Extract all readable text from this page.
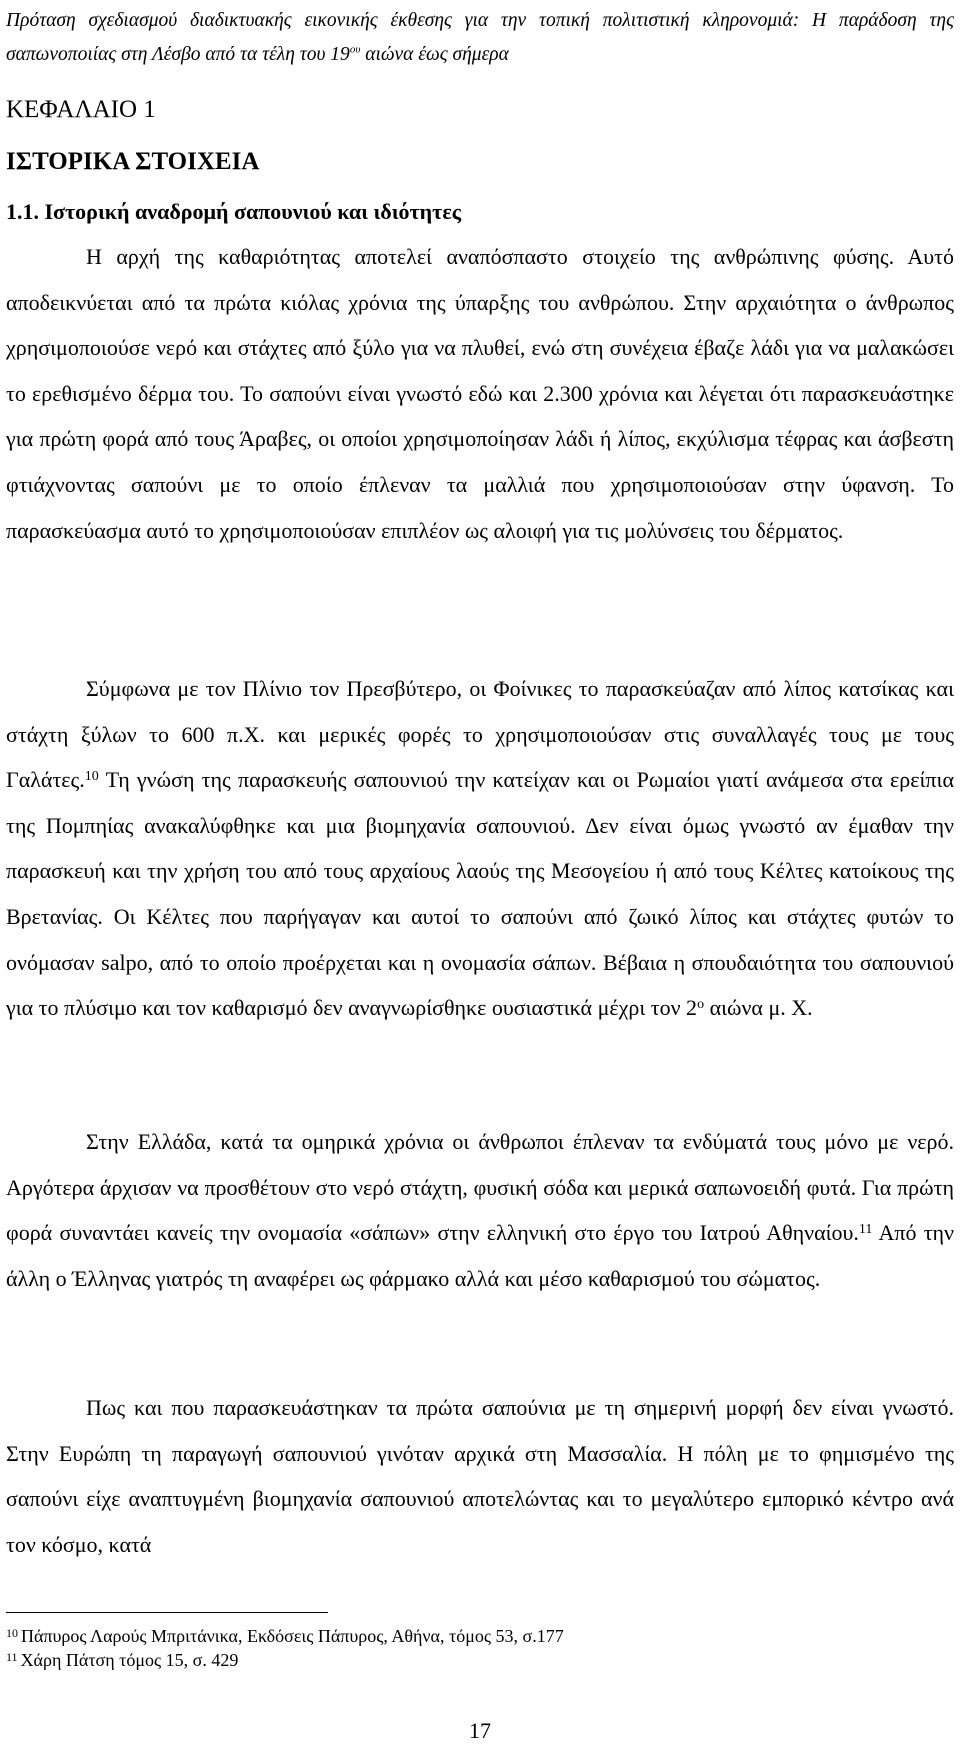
Πρόταση σχεδιασμού διαδικτυακής εικονικής έκθεσης για την τοπική πολιτιστική κληρονομιά: Η παράδοση της σαπωνοποιίας στη Λέσβο από τα τέλη του $19^{o\upsilon}$ αιώνα έως σήμερα
ΚΕΦΑΛΑΙΟ 1
ΙΣΤΟΡΙΚΑ ΣΤΟΙΧΕΙΑ
1.1. Ιστορική αναδρομή σαπουνιού και ιδιότητες

Η αρχή της καθαριότητας αποτελεί αναπόσπαστο στοιχείο της ανθρώπινης φύσης. Αυτό αποδεικνύεται από τα πρώτα κιόλας χρόνια της ύπαρξης του ανθρώπου. Στην αρχαιότητα ο άνθρωπος χρησιμοποιούσε νερό και στάχτες από ξύλο για να πλυθεί, ενώ στη συνέχεια έβαζε λάδι για να μαλακώσει το ερεθισμένο δέρμα του. Το σαπούνι είναι γνωστό εδώ και 2.300 χρόνια και λέγεται ότι παρασκευάστηκε για πρώτη φορά από τους Άραβες, οι οποίοι χρησιμοποίησαν λάδι ή λίπος, εκχύλισμα τέφρας και άσβεστη φτιάχνοντας σαπούνι με το οποίο έπλεναν τα μαλλιά που χρησιμοποιούσαν στην ύφανση. Το παρασκεύασμα αυτό το χρησιμοποιούσαν επιπλέον ως αλοιφή για τις μολύνσεις του δέρματος.

Σύμφωνα με τον Πλίνιο τον Πρεσβύτερο, οι Φοίνικες το παρασκεύαζαν από λίπος κατσίκας και στάχτη ξύλων το 600 π.Χ. και μερικές φορές το χρησιμοποιούσαν στις συναλλαγές τους με τους Γαλάτες.$^{10}$ Τη γνώση της παρασκευής σαπουνιού την κατείχαν και οι Ρωμαίοι γιατί ανάμεσα στα ερείπια της Πομπηίας ανακαλύφθηκε και μια βιομηχανία σαπουνιού. Δεν είναι όμως γνωστό αν έμαθαν την παρασκευή και την χρήση του από τους αρχαίους λαούς της Μεσογείου ή από τους Κέλτες κατοίκους της Βρετανίας. Οι Κέλτες που παρήγαγαν και αυτοί το σαπούνι από ζωικό λίπος και στάχτες φυτών το ονόμασαν salpo, από το οποίο προέρχεται και η ονομασία σάπων. Βέβαια η σπουδαιότητα του σαπουνιού για το πλύσιμο και τον καθαρισμό δεν αναγνωρίσθηκε ουσιαστικά μέχρι τον $2^o$ αιώνα μ. Χ.

Στην Ελλάδα, κατά τα ομηρικά χρόνια οι άνθρωποι έπλεναν τα ενδύματά τους μόνο με νερό. Αργότερα άρχισαν να προσθέτουν στο νερό στάχτη, φυσική σόδα και μερικά σαπωνοειδή φυτά. Για πρώτη φορά συναντάει κανείς την ονομασία «σάπων» στην ελληνική στο έργο του Ιατρού Αθηναίου.$^{11}$ Από την άλλη ο Έλληνας γιατρός τη αναφέρει ως φάρμακο αλλά και μέσο καθαρισμού του σώματος.

Πως και που παρασκευάστηκαν τα πρώτα σαπούνια με τη σημερινή μορφή δεν είναι γνωστό. Στην Ευρώπη τη παραγωγή σαπουνιού γινόταν αρχικά στη Μασσαλία. Η πόλη με το φημισμένο της σαπούνι είχε αναπτυγμένη βιομηχανία σαπουνιού αποτελώντας και το μεγαλύτερο εμπορικό κέντρο ανά τον κόσμο, κατά

$^{10}$ Πάπυρος Λαρούς Μπριτάνικα, Εκδόσεις Πάπυρος, Αθήνα, τόμος 53, σ.177

$^{11}$ Χάρη Πάτση τόμος 15, σ. 429

17
